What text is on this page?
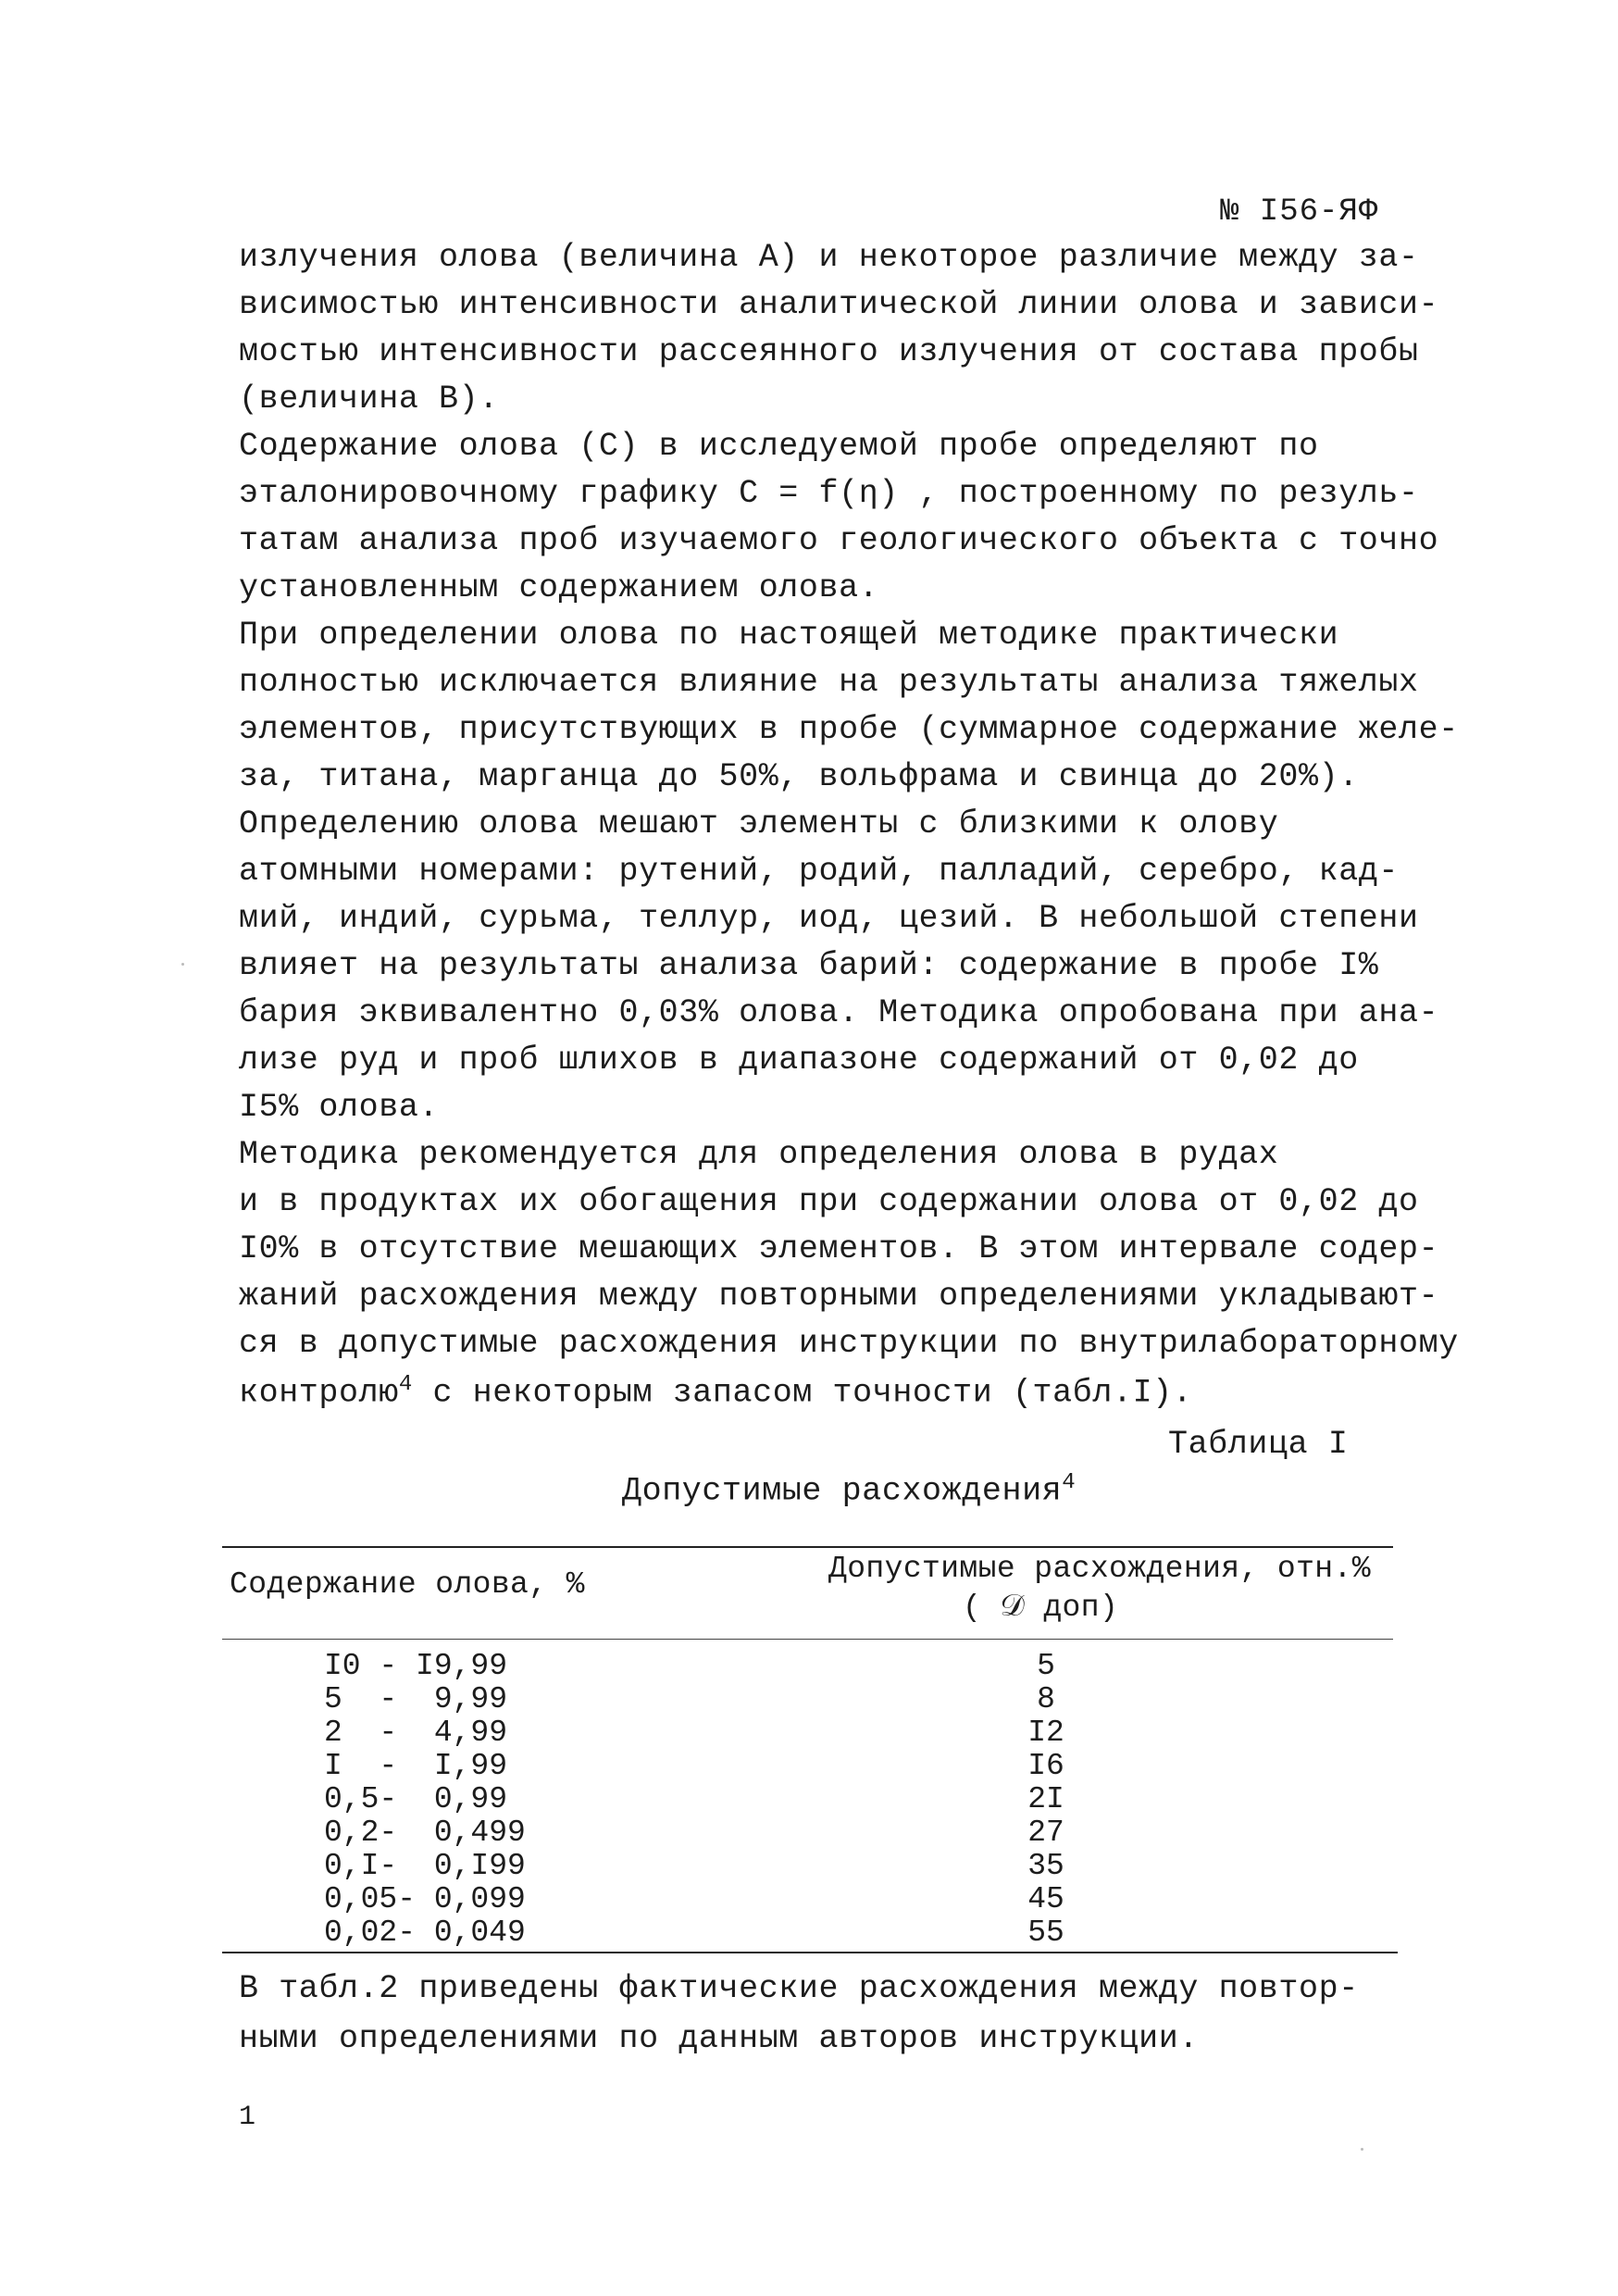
№ I56-ЯФ
излучения олова (величина А) и некоторое различие между за-
висимостью интенсивности аналитической линии олова и зависи-
мостью интенсивности рассеянного излучения от состава пробы
(величина В).
Содержание олова (С) в исследуемой пробе определяют по
эталонировочному графику С = f(η) , построенному по резуль-
татам анализа проб изучаемого геологического объекта с точно
установленным содержанием олова.
При определении олова по настоящей методике практически
полностью исключается влияние на результаты анализа тяжелых
элементов, присутствующих в пробе (суммарное содержание желе-
за, титана, марганца до 50%, вольфрама и свинца до 20%).
Определению олова мешают элементы с близкими к олову
атомными номерами: рутений, родий, палладий, серебро, кад-
мий, индий, сурьма, теллур, иод, цезий. В небольшой степени
влияет на результаты анализа барий: содержание в пробе I%
бария эквивалентно 0,03% олова. Методика опробована при ана-
лизе руд и проб шлихов в диапазоне содержаний от 0,02 до
I5% олова.
Методика рекомендуется для определения олова в рудах
и в продуктах их обогащения при содержании олова от 0,02 до
I0% в отсутствие мешающих элементов. В этом интервале содер-
жаний расхождения между повторными определениями укладывают-
ся в допустимые расхождения инструкции по внутрилабораторному
контролю$^4$ с некоторым запасом точности (табл.I).
Таблица I
Допустимые расхождения$^4$
Содержание олова, %	Допустимые расхождения, отн.%
( 𝒟 доп)
I0 - I9,99
5  -  9,99
2  -  4,99
I  -  I,99
0,5-  0,99
0,2-  0,499
0,I-  0,I99
0,05- 0,099
0,02- 0,049
5
8
I2
I6
2I
27
35
45
55
В табл.2 приведены фактические расхождения между повтор-
ными определениями по данным авторов инструкции.
1
